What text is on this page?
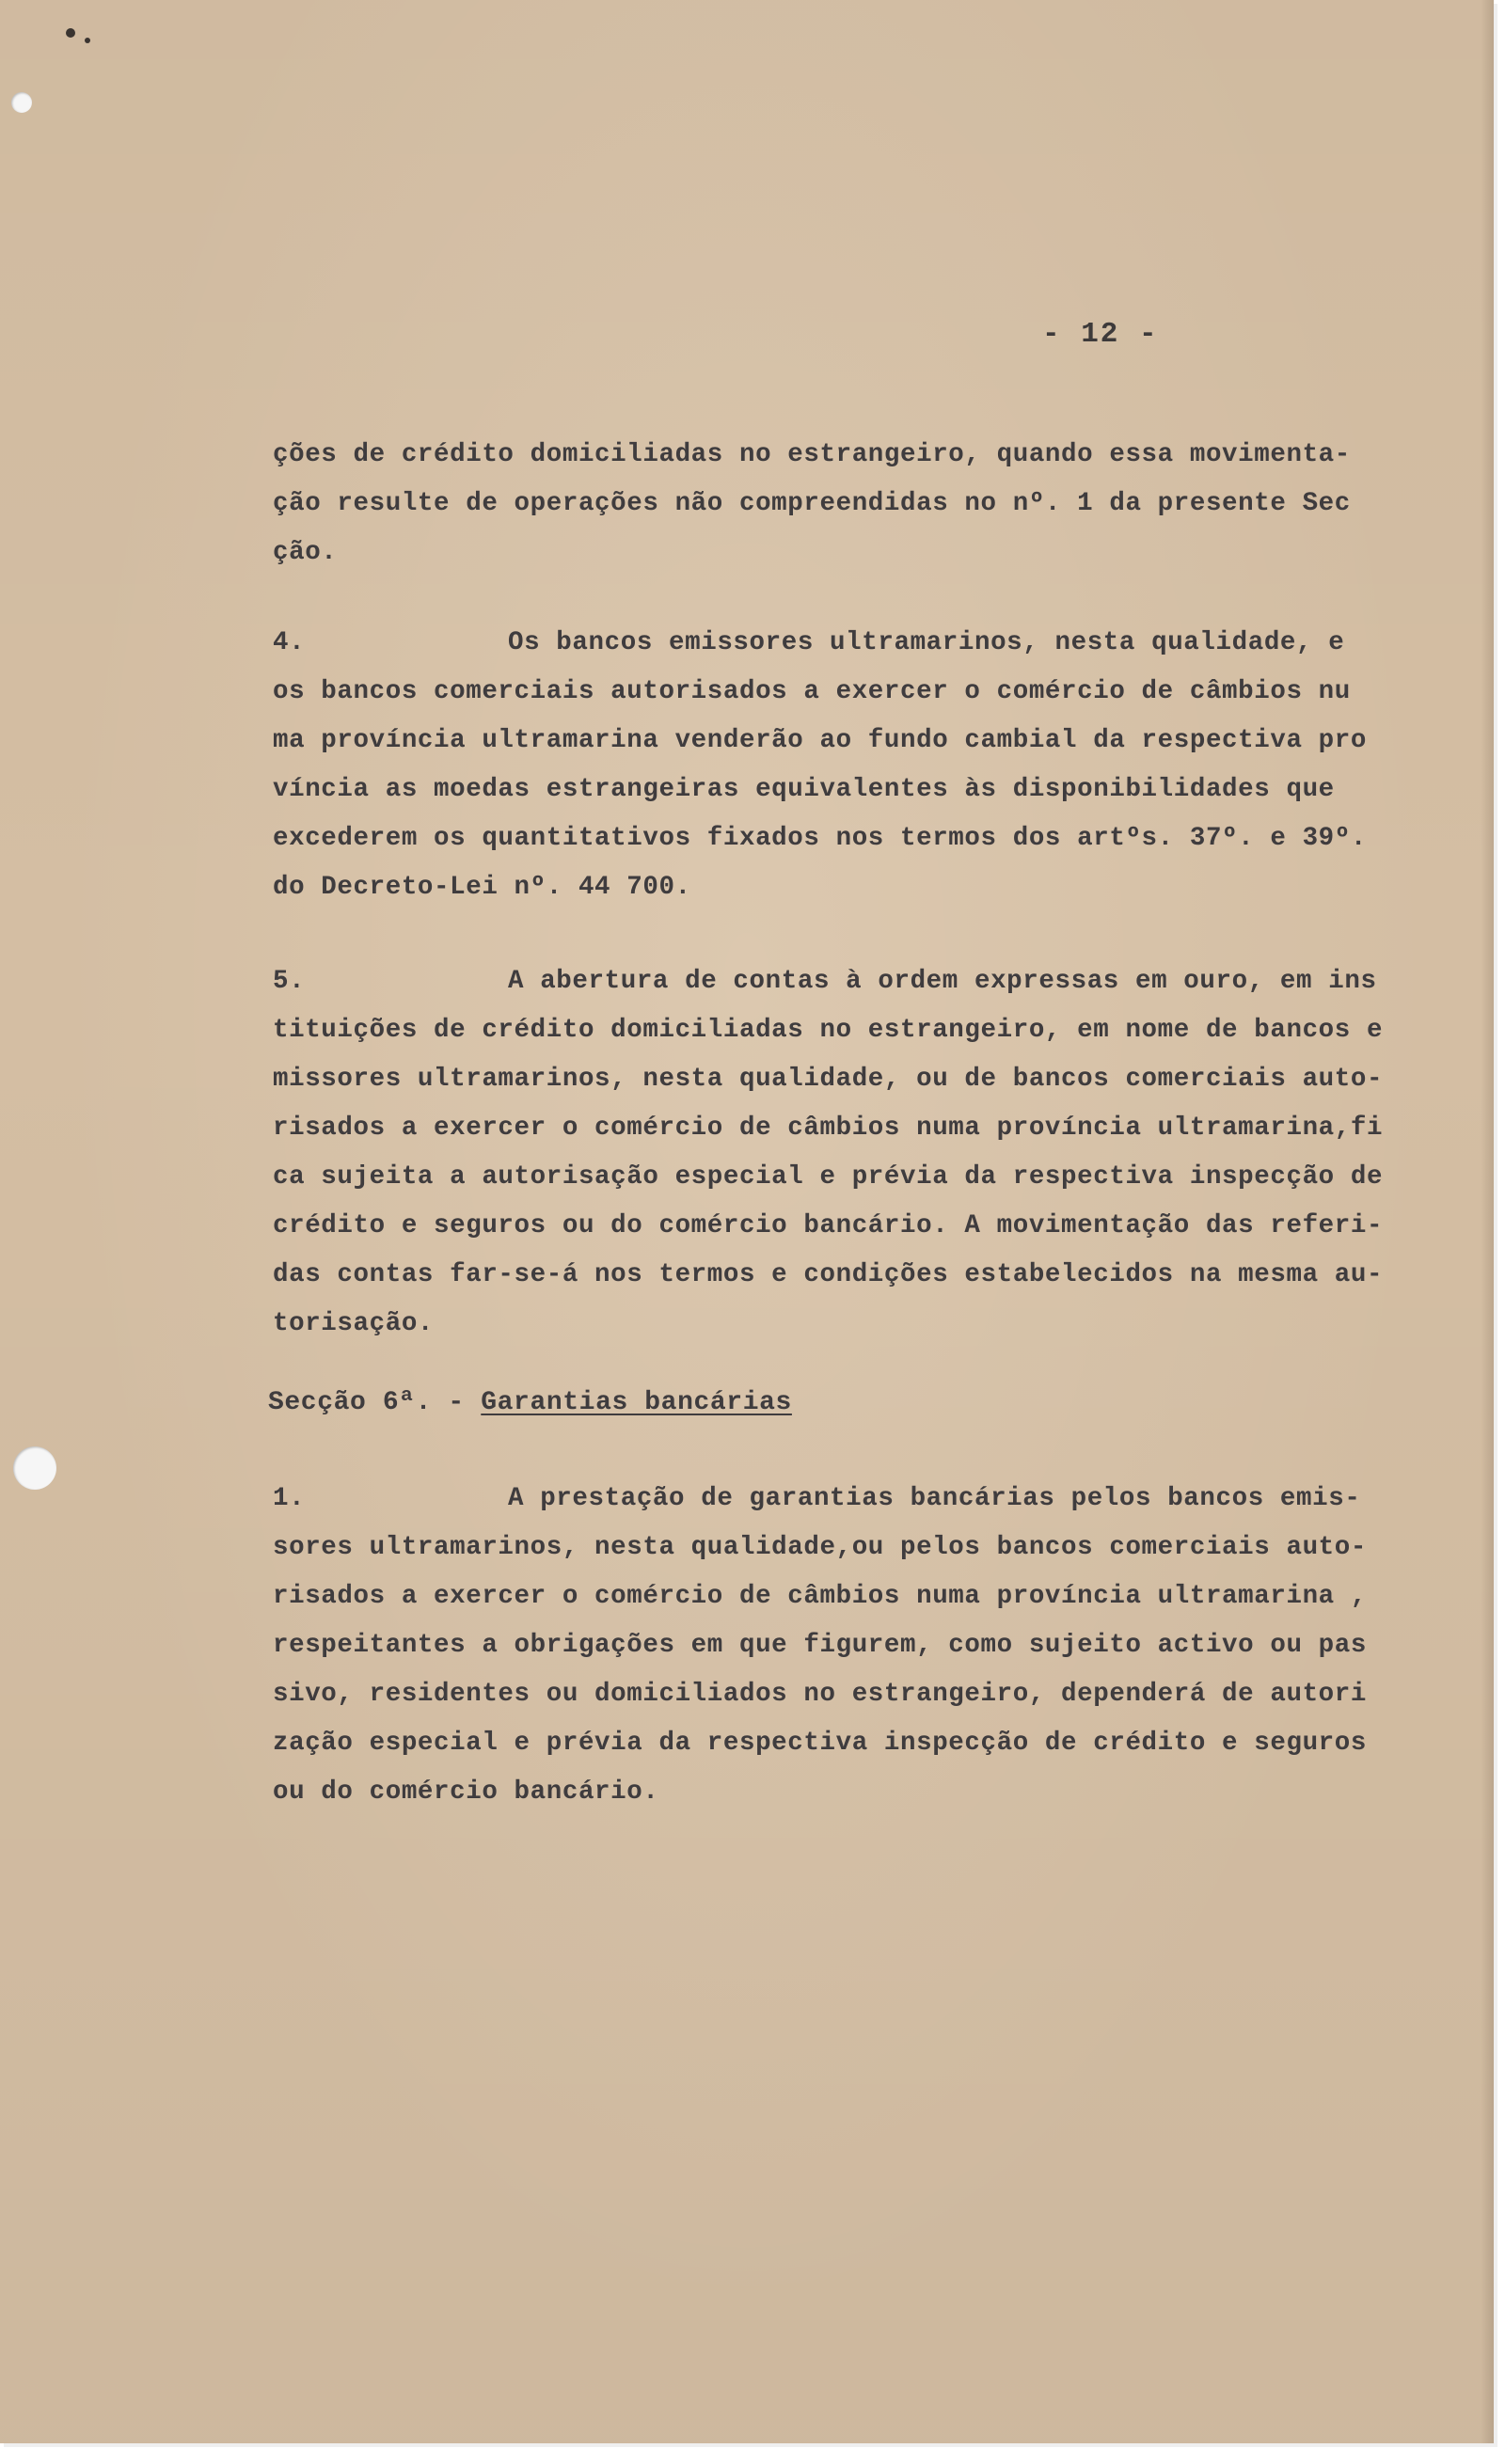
- 12 -
ções de crédito domiciliadas no estrangeiro, quando essa movimenta-
ção resulte de operações não compreendidas no nº. 1 da presente Sec
ção.
4.	Os bancos emissores ultramarinos, nesta qualidade, e
os bancos comerciais autorisados a exercer o comércio de câmbios nu
ma província ultramarina venderão ao fundo cambial da respectiva pro
víncia as moedas estrangeiras equivalentes às disponibilidades que
excederem os quantitativos fixados nos termos dos artºs. 37º. e 39º.
do Decreto-Lei nº. 44 700.
5.	A abertura de contas à ordem expressas em ouro, em ins
tituições de crédito domiciliadas no estrangeiro, em nome de bancos e
missores ultramarinos, nesta qualidade, ou de bancos comerciais auto-
risados a exercer o comércio de câmbios numa província ultramarina,fi
ca sujeita a autorisação especial e prévia da respectiva inspecção de
crédito e seguros ou do comércio bancário. A movimentação das referi-
das contas far-se-á nos termos e condições estabelecidos na mesma au-
torisação.
Secção 6ª. - Garantias bancárias
1.	A prestação de garantias bancárias pelos bancos emis-
sores ultramarinos, nesta qualidade,ou pelos bancos comerciais auto-
risados a exercer o comércio de câmbios numa província ultramarina ,
respeitantes a obrigações em que figurem, como sujeito activo ou pas
sivo, residentes ou domiciliados no estrangeiro, dependerá de autori
zação especial e prévia da respectiva inspecção de crédito e seguros
ou do comércio bancário.
